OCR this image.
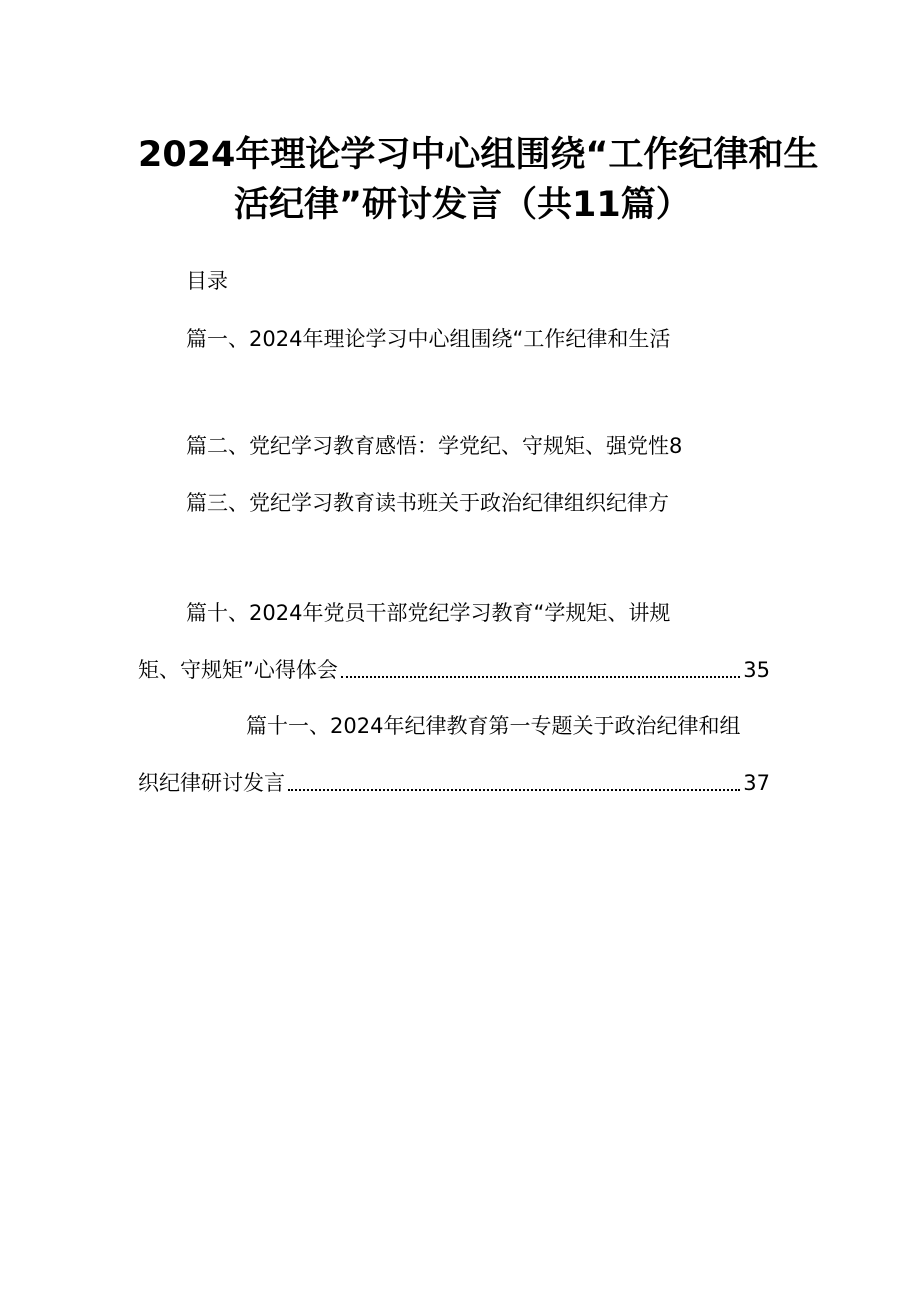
2024年理论学习中心组围绕“工作纪律和生
活纪律”研讨发言（共11篇）
目录
篇一、2024年理论学习中心组围绕“工作纪律和生活
篇二、党纪学习教育感悟：学党纪、守规矩、强党性8
篇三、党纪学习教育读书班关于政治纪律组织纪律方
篇十、2024年党员干部党纪学习教育“学规矩、讲规
矩、守规矩”心得体会	35
篇十一、2024年纪律教育第一专题关于政治纪律和组
织纪律研讨发言	37
